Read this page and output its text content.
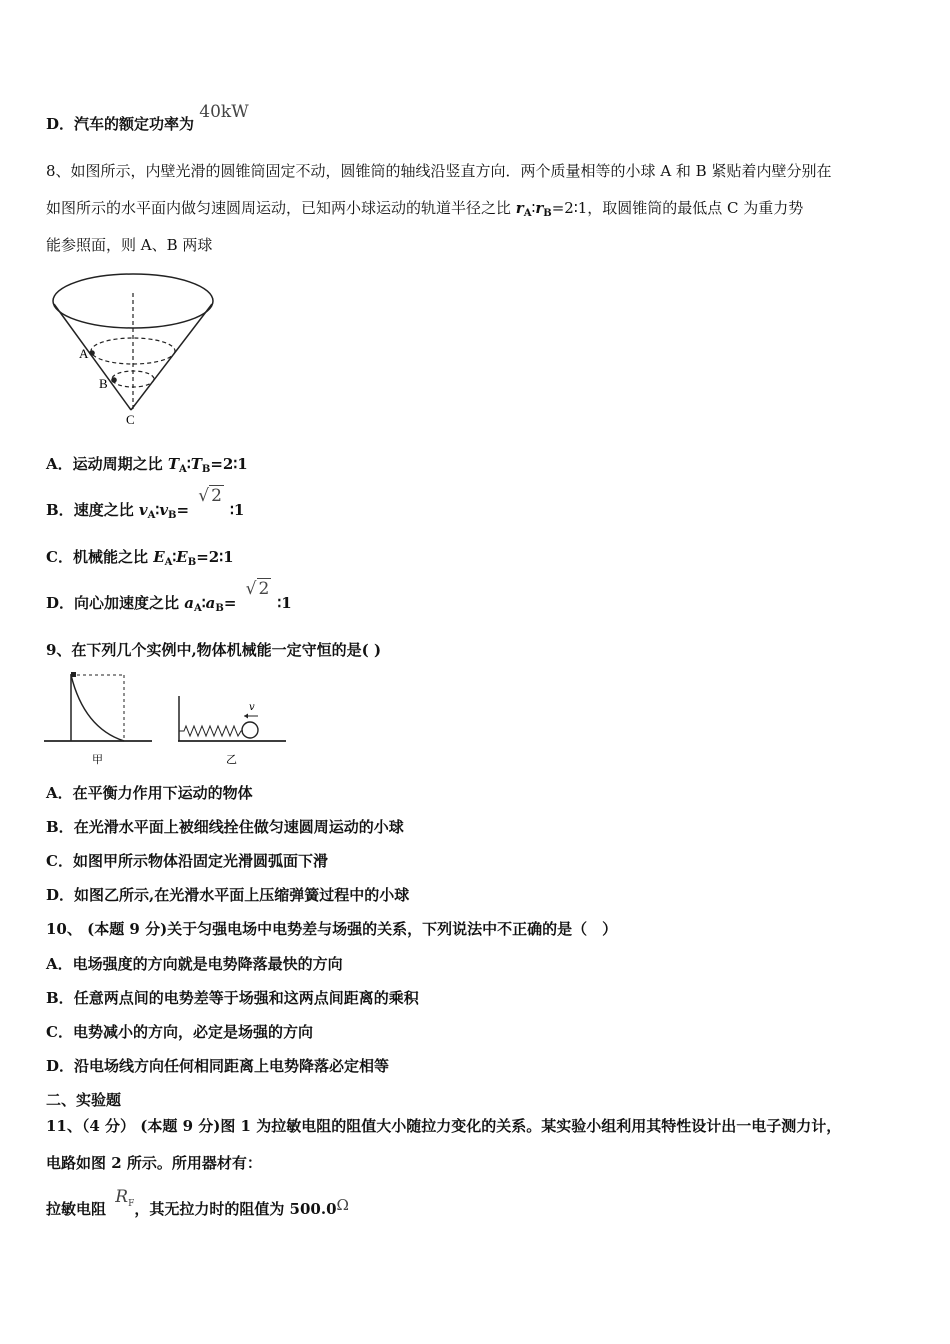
D．汽车的额定功率为 40kW
8、如图所示，内壁光滑的圆锥筒固定不动，圆锥筒的轴线沿竖直方向．两个质量相等的小球 A 和 B 紧贴着内壁分别在
如图所示的水平面内做匀速圆周运动，已知两小球运动的轨道半径之比 $r_A∶r_B=2∶1$，取圆锥筒的最低点 C 为重力势
能参照面，则 A、B 两球
A
B
C
A．运动周期之比 $T_A∶T_B=2∶1$
B．速度之比 $v_A∶v_B=$ √ 2∶1
C．机械能之比 $E_A∶E_B=2∶1$
D．向心加速度之比 $a_A∶a_B=$ √ 2∶1
9、在下列几个实例中,物体机械能一定守恒的是( )
甲
v
乙
A．在平衡力作用下运动的物体
B．在光滑水平面上被细线拴住做匀速圆周运动的小球
C．如图甲所示物体沿固定光滑圆弧面下滑
D．如图乙所示,在光滑水平面上压缩弹簧过程中的小球
10、 (本题 9 分)关于匀强电场中电势差与场强的关系，下列说法中不正确的是（　）
A．电场强度的方向就是电势降落最快的方向
B．任意两点间的电势差等于场强和这两点间距离的乘积
C．电势减小的方向，必定是场强的方向
D．沿电场线方向任何相同距离上电势降落必定相等
二、实验题
11、（4 分） (本题 9 分)图 1 为拉敏电阻的阻值大小随拉力变化的关系。某实验小组利用其特性设计出一电子测力计，
电路如图 2 所示。所用器材有：
拉敏电阻 $R^F$，其无拉力时的阻值为 500.0Ω
